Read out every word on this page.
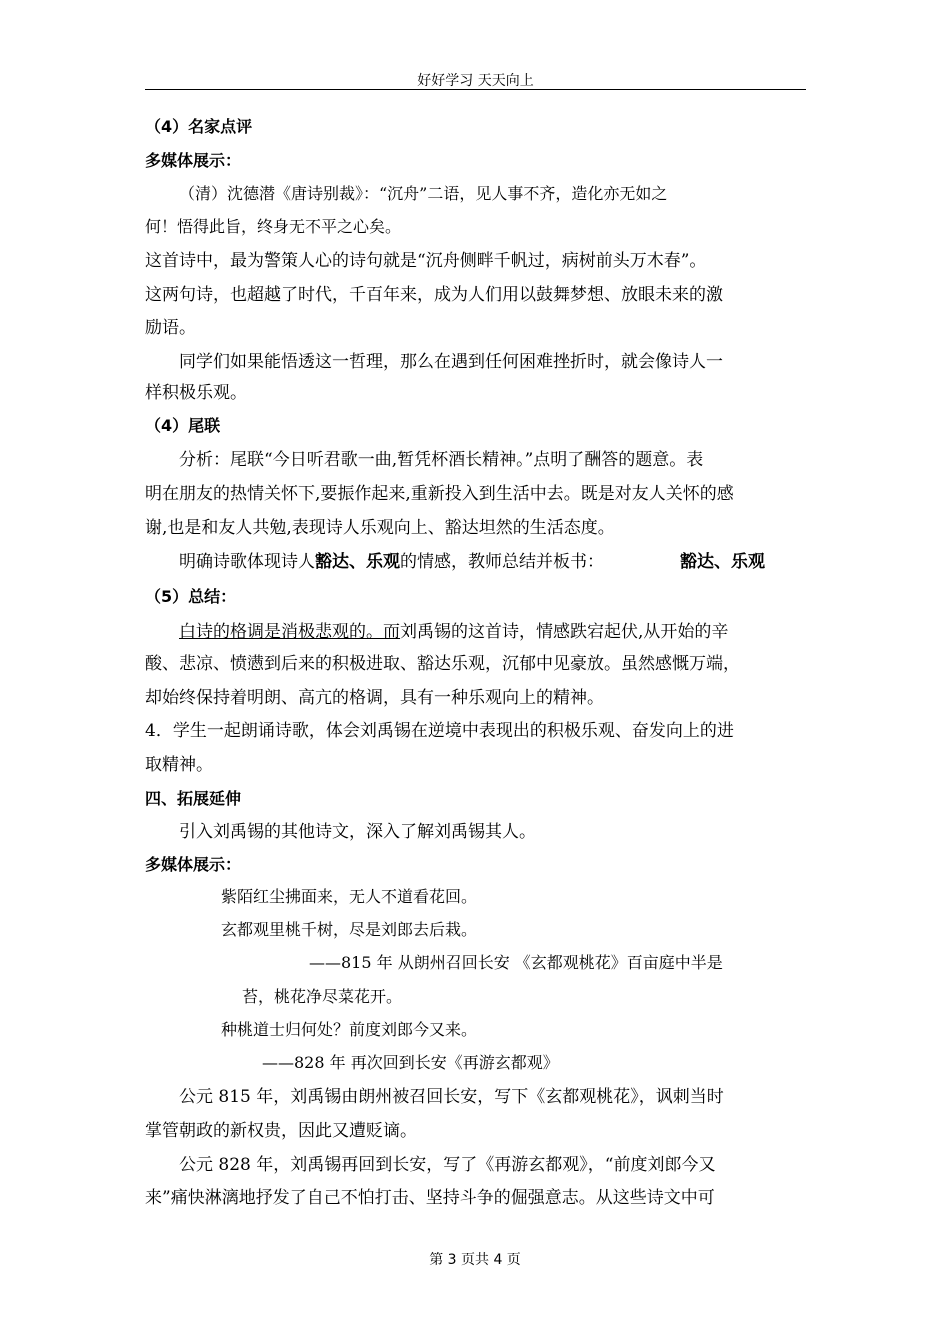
好好学习 天天向上
（4）名家点评
多媒体展示：
（清）沈德潜《唐诗别裁》：“沉舟”二语，见人事不齐，造化亦无如之
何！悟得此旨，终身无不平之心矣。
这首诗中，最为警策人心的诗句就是“沉舟侧畔千帆过，病树前头万木春”。
这两句诗，也超越了时代，千百年来，成为人们用以鼓舞梦想、放眼未来的激
励语。
同学们如果能悟透这一哲理，那么在遇到任何困难挫折时，就会像诗人一
样积极乐观。
（4）尾联
分析：尾联“今日听君歌一曲,暂凭杯酒长精神。”点明了酬答的题意。表
明在朋友的热情关怀下,要振作起来,重新投入到生活中去。既是对友人关怀的感
谢,也是和友人共勉,表现诗人乐观向上、豁达坦然的生活态度。
明确诗歌体现诗人豁达、乐观的情感，教师总结并板书：	豁达、乐观
（5）总结：
白诗的格调是消极悲观的。而刘禹锡的这首诗，情感跌宕起伏,从开始的辛
酸、悲凉、愤懑到后来的积极进取、豁达乐观，沉郁中见豪放。虽然感慨万端，
却始终保持着明朗、高亢的格调，具有一种乐观向上的精神。
4．学生一起朗诵诗歌，体会刘禹锡在逆境中表现出的积极乐观、奋发向上的进
取精神。
四、拓展延伸
引入刘禹锡的其他诗文，深入了解刘禹锡其人。
多媒体展示：
紫陌红尘拂面来，无人不道看花回。
玄都观里桃千树，尽是刘郎去后栽。
——815 年 从朗州召回长安 《玄都观桃花》百亩庭中半是
苔，桃花净尽菜花开。
种桃道士归何处？前度刘郎今又来。
——828 年 再次回到长安《再游玄都观》
公元 815 年，刘禹锡由朗州被召回长安，写下《玄都观桃花》，讽刺当时
掌管朝政的新权贵，因此又遭贬谪。
公元 828 年，刘禹锡再回到长安，写了《再游玄都观》，“前度刘郎今又
来”痛快淋漓地抒发了自己不怕打击、坚持斗争的倔强意志。从这些诗文中可
第 3 页共 4 页
